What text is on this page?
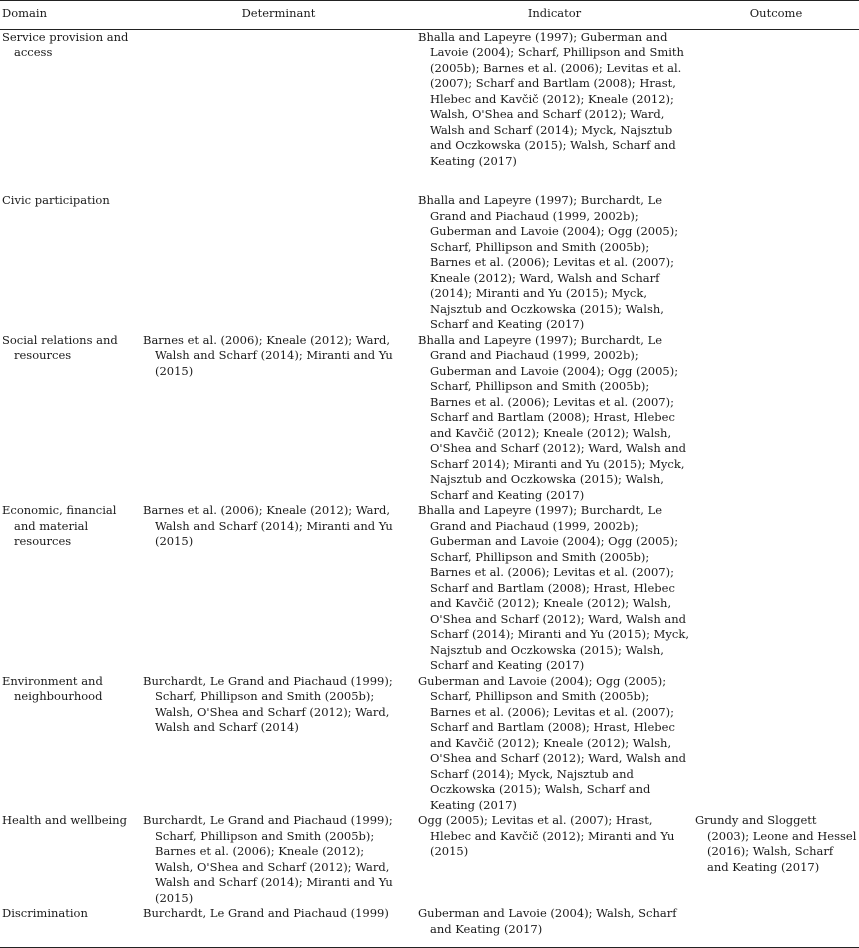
Domain	Determinant	Indicator	Outcome

Service provision and access		Bhalla and Lapeyre (1997); Guberman and Lavoie (2004); Scharf, Phillipson and Smith (2005b); Barnes et al. (2006); Levitas et al. (2007); Scharf and Bartlam (2008); Hrast, Hlebec and Kavčič (2012); Kneale (2012); Walsh, O'Shea and Scharf (2012); Ward, Walsh and Scharf (2014); Myck, Najsztub and Oczkowska (2015); Walsh, Scharf and Keating (2017)	

Civic participation		Bhalla and Lapeyre (1997); Burchardt, Le Grand and Piachaud (1999, 2002b); Guberman and Lavoie (2004); Ogg (2005); Scharf, Phillipson and Smith (2005b); Barnes et al. (2006); Levitas et al. (2007); Kneale (2012); Ward, Walsh and Scharf (2014); Miranti and Yu (2015); Myck, Najsztub and Oczkowska (2015); Walsh, Scharf and Keating (2017)	

Social relations and resources	Barnes et al. (2006); Kneale (2012); Ward, Walsh and Scharf (2014); Miranti and Yu (2015)	Bhalla and Lapeyre (1997); Burchardt, Le Grand and Piachaud (1999, 2002b); Guberman and Lavoie (2004); Ogg (2005); Scharf, Phillipson and Smith (2005b); Barnes et al. (2006); Levitas et al. (2007); Scharf and Bartlam (2008); Hrast, Hlebec and Kavčič (2012); Kneale (2012); Walsh, O'Shea and Scharf (2012); Ward, Walsh and Scharf 2014); Miranti and Yu (2015); Myck, Najsztub and Oczkowska (2015); Walsh, Scharf and Keating (2017)	

Economic, financial and material resources	Barnes et al. (2006); Kneale (2012); Ward, Walsh and Scharf (2014); Miranti and Yu (2015)	Bhalla and Lapeyre (1997); Burchardt, Le Grand and Piachaud (1999, 2002b); Guberman and Lavoie (2004); Ogg (2005); Scharf, Phillipson and Smith (2005b); Barnes et al. (2006); Levitas et al. (2007); Scharf and Bartlam (2008); Hrast, Hlebec and Kavčič (2012); Kneale (2012); Walsh, O'Shea and Scharf (2012); Ward, Walsh and Scharf (2014); Miranti and Yu (2015); Myck, Najsztub and Oczkowska (2015); Walsh, Scharf and Keating (2017)	

Environment and neighbourhood	Burchardt, Le Grand and Piachaud (1999); Scharf, Phillipson and Smith (2005b); Walsh, O'Shea and Scharf (2012); Ward, Walsh and Scharf (2014)	Guberman and Lavoie (2004); Ogg (2005); Scharf, Phillipson and Smith (2005b); Barnes et al. (2006); Levitas et al. (2007); Scharf and Bartlam (2008); Hrast, Hlebec and Kavčič (2012); Kneale (2012); Walsh, O'Shea and Scharf (2012); Ward, Walsh and Scharf (2014); Myck, Najsztub and Oczkowska (2015); Walsh, Scharf and Keating (2017)	

Health and wellbeing	Burchardt, Le Grand and Piachaud (1999); Scharf, Phillipson and Smith (2005b); Barnes et al. (2006); Kneale (2012); Walsh, O'Shea and Scharf (2012); Ward, Walsh and Scharf (2014); Miranti and Yu (2015)	Ogg (2005); Levitas et al. (2007); Hrast, Hlebec and Kavčič (2012); Miranti and Yu (2015)	Grundy and Sloggett (2003); Leone and Hessel (2016); Walsh, Scharf and Keating (2017)

Discrimination	Burchardt, Le Grand and Piachaud (1999)	Guberman and Lavoie (2004); Walsh, Scharf and Keating (2017)	
